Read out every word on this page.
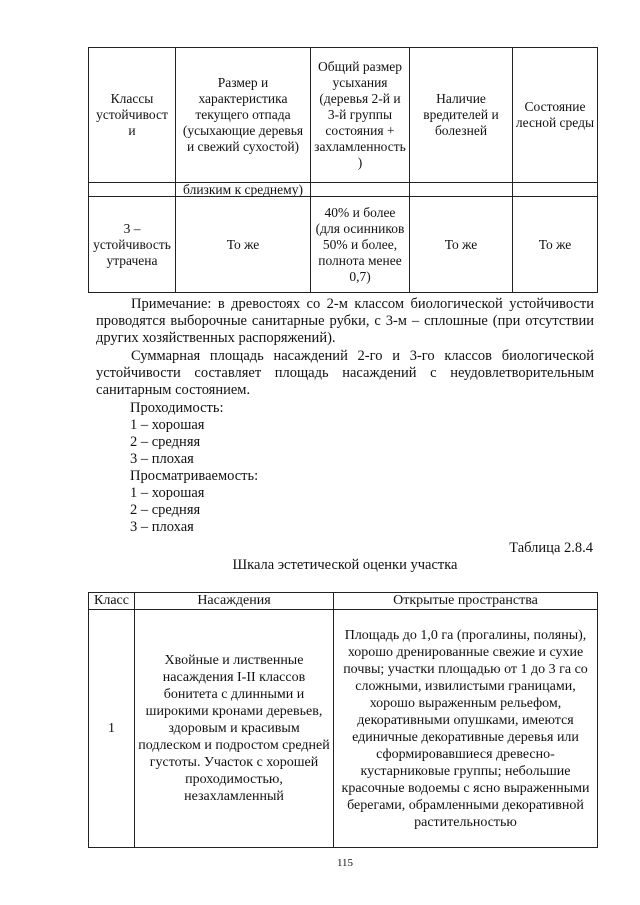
Классы устойчивост и	Размер и характеристика текущего отпада (усыхающие деревья и свежий сухостой)	Общий размер усыхания (деревья 2-й и 3-й группы состояния + захламленность )	Наличие вредителей и болезней	Состояние лесной среды
	близким к среднему)			
3 – устойчивость утрачена	То же	40% и более (для осинников 50% и более, полнота менее 0,7)	То же	То же

Примечание: в древостоях со 2-м классом биологической устойчивости проводятся выборочные санитарные рубки, с 3-м – сплошные (при отсутствии других хозяйственных распоряжений).

Суммарная площадь насаждений 2-го и 3-го классов биологической устойчивости составляет площадь насаждений с неудовлетворительным санитарным состоянием.

Проходимость:
1 – хорошая
2 – средняя
3 – плохая
Просматриваемость:
1 – хорошая
2 – средняя
3 – плохая
Таблица 2.8.4
Шкала эстетической оценки участка
Класс	Насаждения	Открытые пространства
1	Хвойные и лиственные насаждения I-II классов бонитета с длинными и широкими кронами деревьев, здоровым и красивым подлеском и подростом средней густоты. Участок с хорошей проходимостью, незахламленный	Площадь до 1,0 га (прогалины, поляны), хорошо дренированные свежие и сухие почвы; участки площадью от 1 до 3 га со сложными, извилистыми границами, хорошо выраженным рельефом, декоративными опушками, имеются единичные декоративные деревья или сформировавшиеся древесно-кустарниковые группы; небольшие красочные водоемы с ясно выраженными берегами, обрамленными декоративной растительностью
115
